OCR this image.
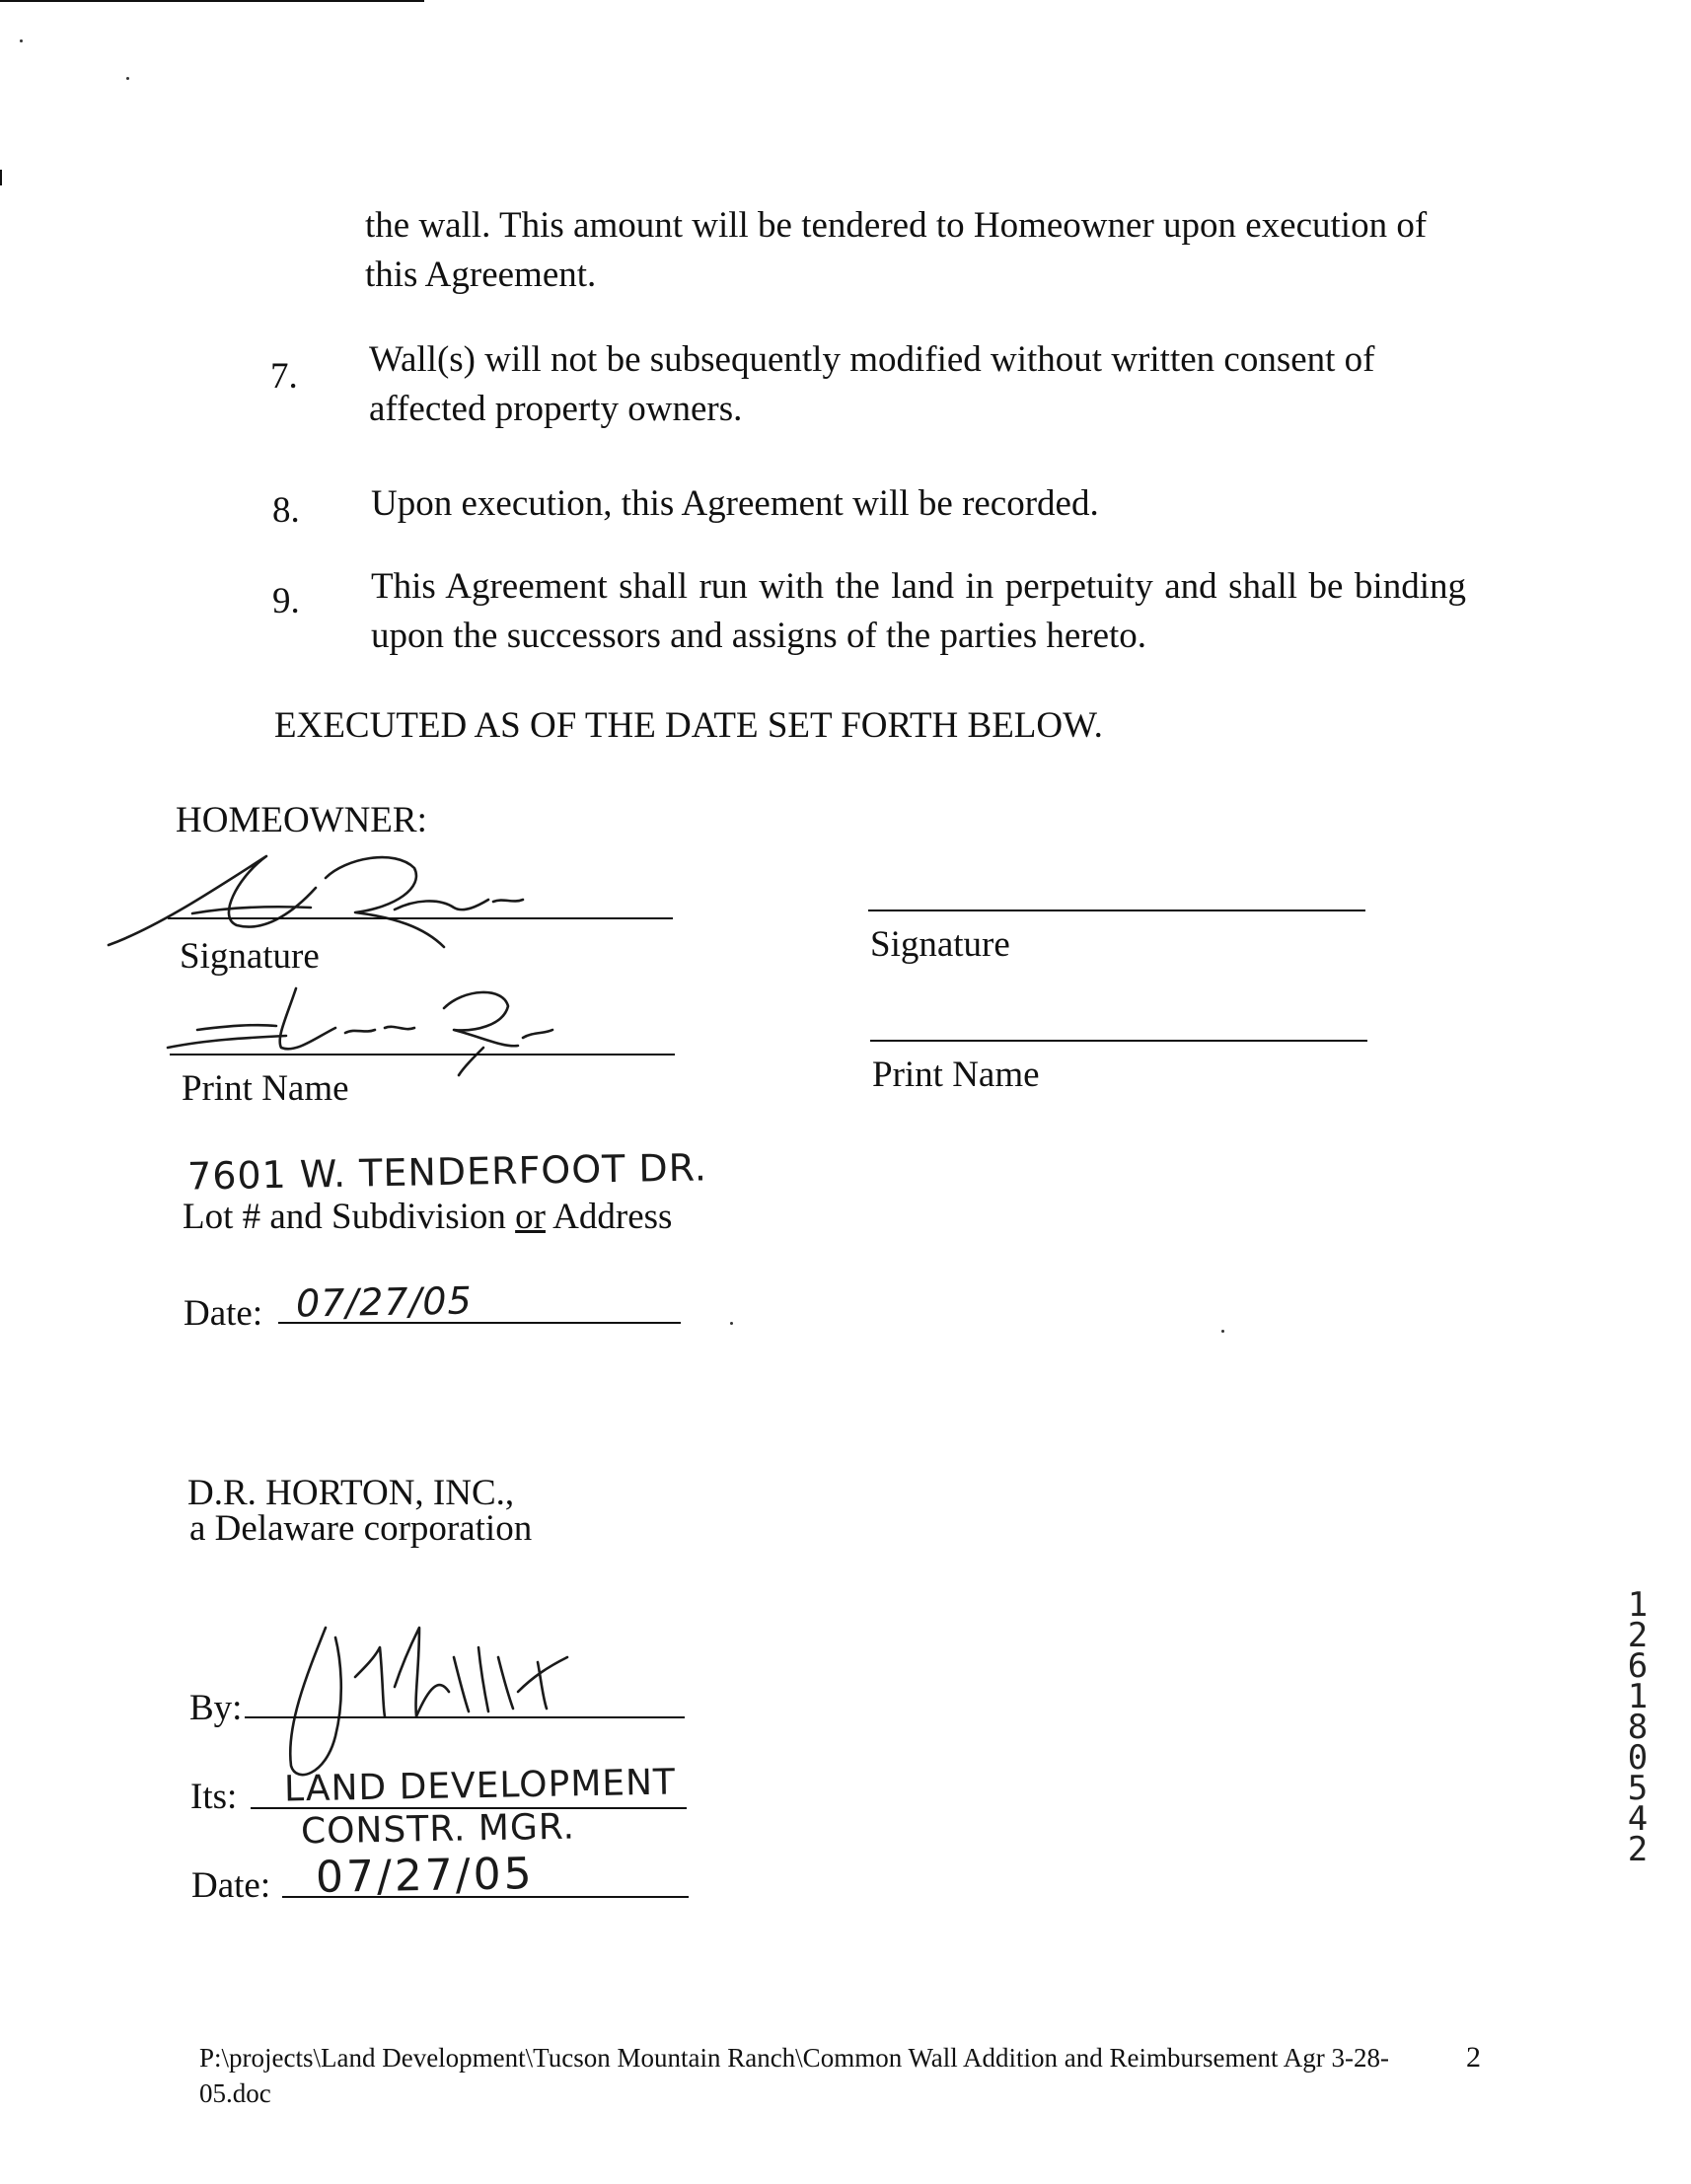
the wall. This amount will be tendered to Homeowner upon execution of this Agreement.
7. Wall(s) will not be subsequently modified without written consent of affected property owners.
8. Upon execution, this Agreement will be recorded.
9. This Agreement shall run with the land in perpetuity and shall be binding upon the successors and assigns of the parties hereto.
EXECUTED AS OF THE DATE SET FORTH BELOW.
HOMEOWNER:
Signature
Print Name
7601 W. TENDERFOOT DR.
Lot # and Subdivision or Address
Date: 07/27/05
Signature
Print Name
D.R. HORTON, INC.,
a Delaware corporation
By:
Its: LAND DEVELOPMENT
CONSTR. MGR.
Date: 07/27/05
12618 0542
P:\projects\Land Development\Tucson Mountain Ranch\Common Wall Addition and Reimbursement Agr 3-28-05.doc
2
